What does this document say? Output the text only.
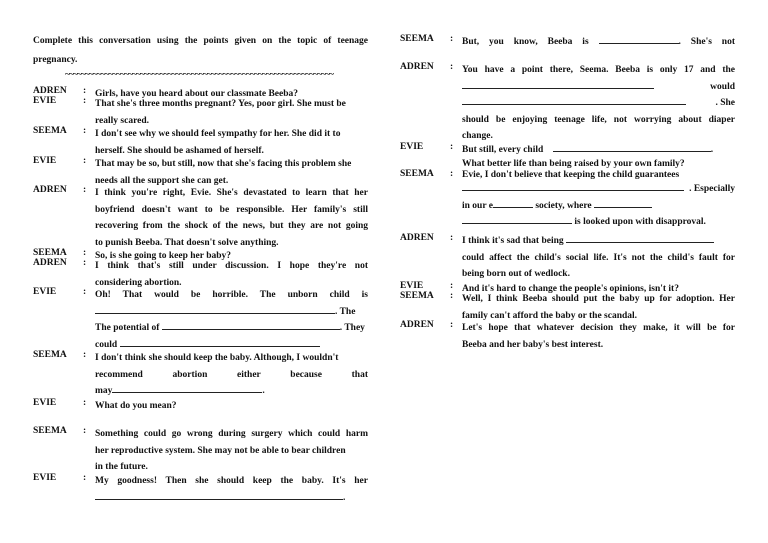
Complete this conversation using the points given on the topic of teenage pregnancy.
~~~~~~~~~~~~~~~~~~~~~~~~~~~~~~~~~~~~~~~~~~~~~~~~~~~~~~~~~~~~~~~~~~~~
ADREN	: Girls, have you heard about our classmate Beeba?
EVIE	: That she's three months pregnant? Yes, poor girl. She must be
really scared.
SEEMA	: I don't see why we should feel sympathy for her. She did it to
herself. She should be ashamed of herself.
EVIE	: That may be so, but still, now that she's facing this problem she
needs all the support she can get.
ADREN	: I think you're right, Evie. She's devastated to learn that her
boyfriend doesn't want to be responsible. Her family's still
recovering from the shock of the news, but they are not going
to punish Beeba. That doesn't solve anything.
SEEMA	: So, is she going to keep her baby?
ADREN	: I think that's still under discussion. I hope they're not
considering abortion.
EVIE	: Oh! That would be horrible. The unborn child is
. The
The potential of	. They
could
SEEMA	: I don't think she should keep the baby. Although, I wouldn't
recommend abortion either because that
may	.
EVIE	: What do you mean?
SEEMA	: Something could go wrong during surgery which could harm
her reproductive system. She may not be able to bear children
in the future.
EVIE	: My goodness! Then she should keep the baby. It's her
.
SEEMA	: But, you know, Beeba is	. She's not
ADREN	: You have a point there, Seema. Beeba is only 17 and the
would
. She
should be enjoying teenage life, not worrying about diaper
change.
EVIE	: But still, every child	.
What better life than being raised by your own family?
SEEMA	: Evie, I don't believe that keeping the child guarantees
. Especially
in our e	society, where
is looked upon with disapproval.
ADREN	: I think it's sad that being
could affect the child's social life. It's not the child's fault for
being born out of wedlock.
EVIE	: And it's hard to change the people's opinions, isn't it?
SEEMA	: Well, I think Beeba should put the baby up for adoption. Her
family can't afford the baby or the scandal.
ADREN	: Let's hope that whatever decision they make, it will be for
Beeba and her baby's best interest.
